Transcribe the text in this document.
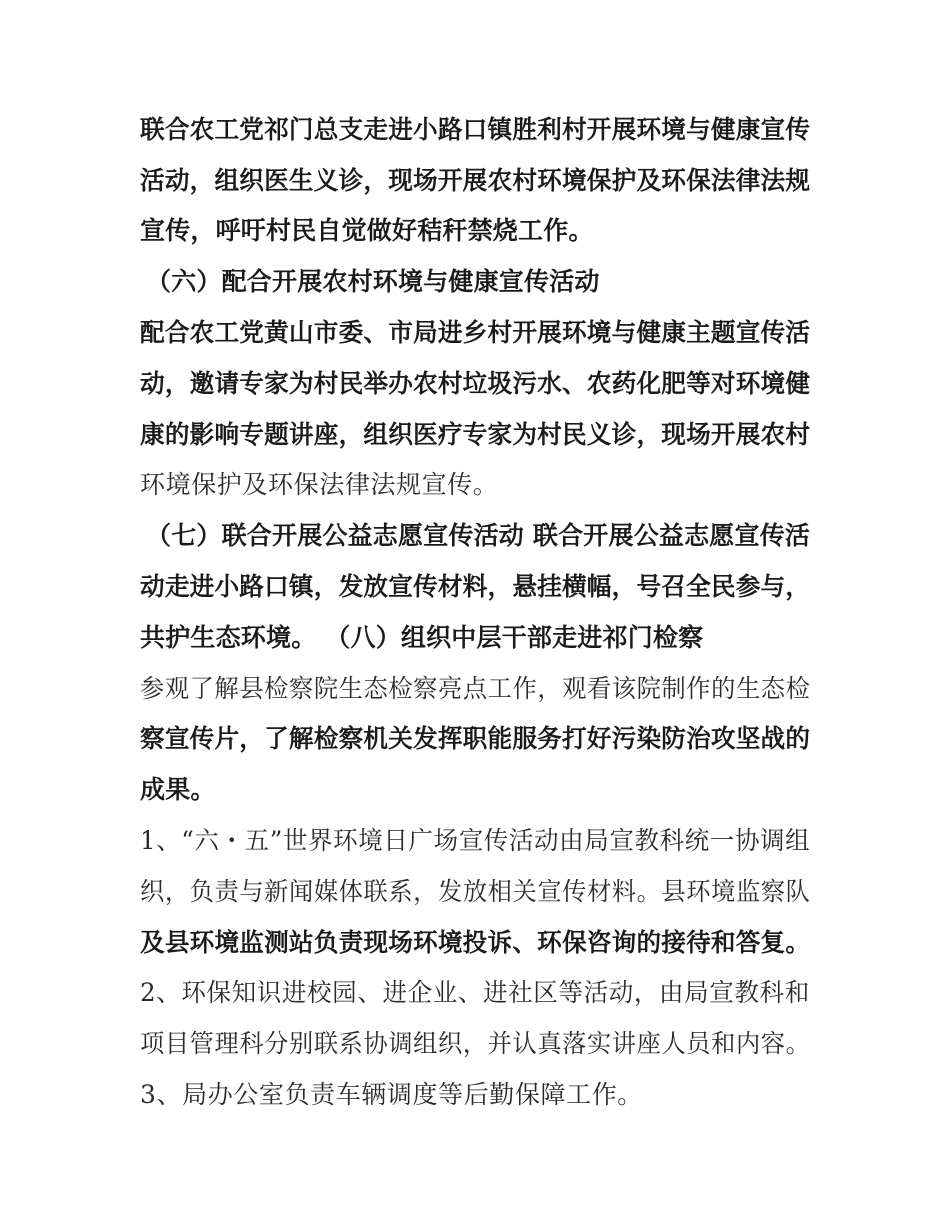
联合农工党祁门总支走进小路口镇胜利村开展环境与健康宣传
活动，组织医生义诊，现场开展农村环境保护及环保法律法规
宣传，呼吁村民自觉做好秸秆禁烧工作。
（六）配合开展农村环境与健康宣传活动
配合农工党黄山市委、市局进乡村开展环境与健康主题宣传活
动，邀请专家为村民举办农村垃圾污水、农药化肥等对环境健
康的影响专题讲座，组织医疗专家为村民义诊，现场开展农村
环境保护及环保法律法规宣传。
（七）联合开展公益志愿宣传活动 联合开展公益志愿宣传活
动走进小路口镇，发放宣传材料，悬挂横幅，号召全民参与，
共护生态环境。 （八）组织中层干部走进祁门检察
参观了解县检察院生态检察亮点工作，观看该院制作的生态检
察宣传片，了解检察机关发挥职能服务打好污染防治攻坚战的
成果。
1、“六・五”世界环境日广场宣传活动由局宣教科统一协调组
织，负责与新闻媒体联系，发放相关宣传材料。县环境监察队
及县环境监测站负责现场环境投诉、环保咨询的接待和答复。
2、环保知识进校园、进企业、进社区等活动，由局宣教科和
项目管理科分别联系协调组织，并认真落实讲座人员和内容。
3、局办公室负责车辆调度等后勤保障工作。
